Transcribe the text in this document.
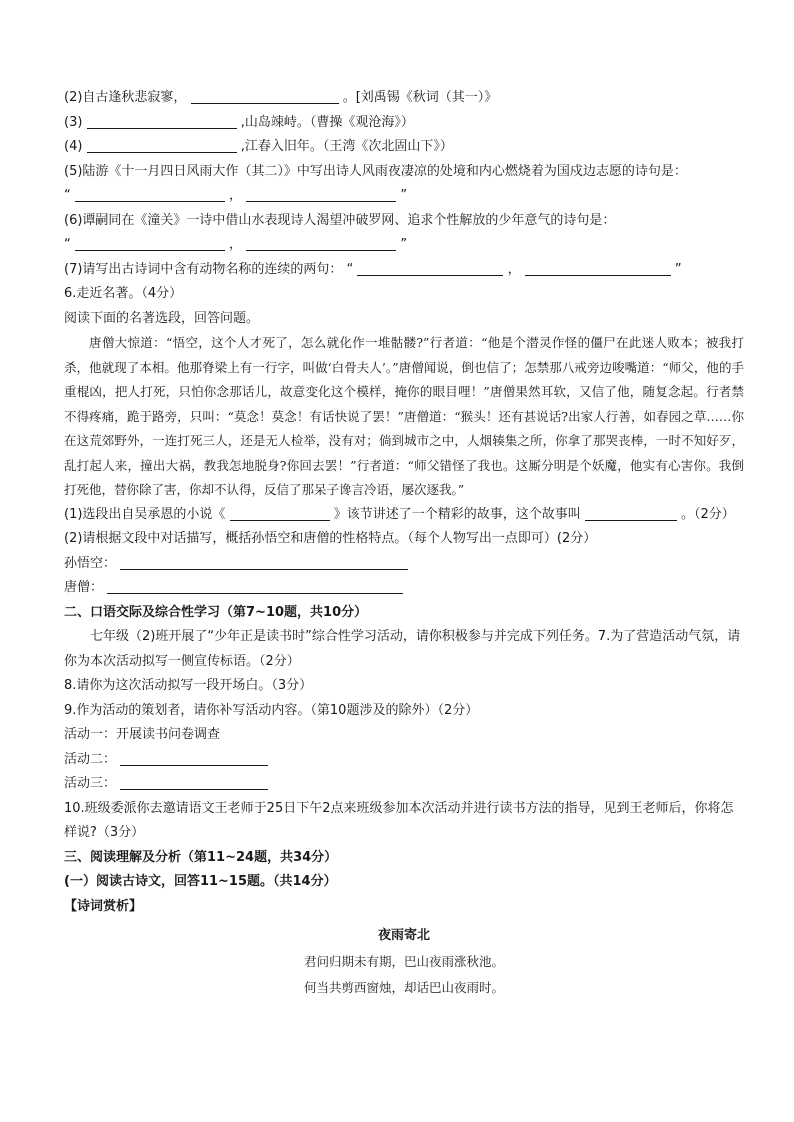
(2)自古逢秋悲寂寥，	。[刘禹锡《秋词（其一）》
(3)	,山岛竦峙。（曹操《观沧海》）
(4)	,江春入旧年。（王湾《次北固山下》）
(5)陆游《十一月四日风雨大作（其二）》中写出诗人风雨夜凄凉的处境和内心燃烧着为国戍边志愿的诗句是：
“	，	”
(6)谭嗣同在《潼关》一诗中借山水表现诗人渴望冲破罗网、追求个性解放的少年意气的诗句是：
“	，	”
(7)请写出古诗词中含有动物名称的连续的两句： “	，	”
6.走近名著。（4分）
阅读下面的名著选段，回答问题。

唐僧大惊道：“悟空，这个人才死了，怎么就化作一堆骷髅?”行者道：“他是个潜灵作怪的僵尸在此迷人败本；被我打杀，他就现了本相。他那脊梁上有一行字，叫做‘白骨夫人’。”唐僧闻说，倒也信了；怎禁那八戒旁边唆嘴道：“师父，他的手重棍凶，把人打死，只怕你念那话儿，故意变化这个模样，掩你的眼目哩！”唐僧果然耳软，又信了他，随复念起。行者禁不得疼痛，跪于路旁，只叫：“莫念！莫念！有话快说了罢！”唐僧道：“猴头！还有甚说话?出家人行善，如春园之草……你在这荒郊野外，一连打死三人，还是无人检举，没有对；倘到城市之中，人烟辏集之所，你拿了那哭丧棒，一时不知好歹，乱打起人来，撞出大祸，教我怎地脱身?你回去罢！”行者道：“师父错怪了我也。这厮分明是个妖魔，他实有心害你。我倒打死他，替你除了害，你却不认得，反信了那呆子谗言冷语，屡次逐我。”

(1)选段出自吴承恩的小说《	》该节讲述了一个精彩的故事，这个故事叫	。（2分）
(2)请根据文段中对话描写，概括孙悟空和唐僧的性格特点。（每个人物写出一点即可）(2分）
孙悟空：
唐僧：
二、口语交际及综合性学习（第7~10题，共10分）
七年级（2)班开展了“少年正是读书时”综合性学习活动，请你积极参与并完成下列任务。7.为了营造活动气氛，请你为本次活动拟写一侧宣传标语。（2分）
8.请你为这次活动拟写一段开场白。（3分）
9.作为活动的策划者，请你补写活动内容。（第10题涉及的除外）（2分）
活动一：开展读书问卷调查
活动二：
活动三：
10.班级委派你去邀请语文王老师于25日下午2点来班级参加本次活动并进行读书方法的指导，见到王老师后，你将怎样说?（3分）
三、阅读理解及分析（第11~24题，共34分）
(一）阅读古诗文，回答11~15题。（共14分）
【诗词赏析】
夜雨寄北
君问归期未有期，巴山夜雨涨秋池。
何当共剪西窗烛，却话巴山夜雨时。
